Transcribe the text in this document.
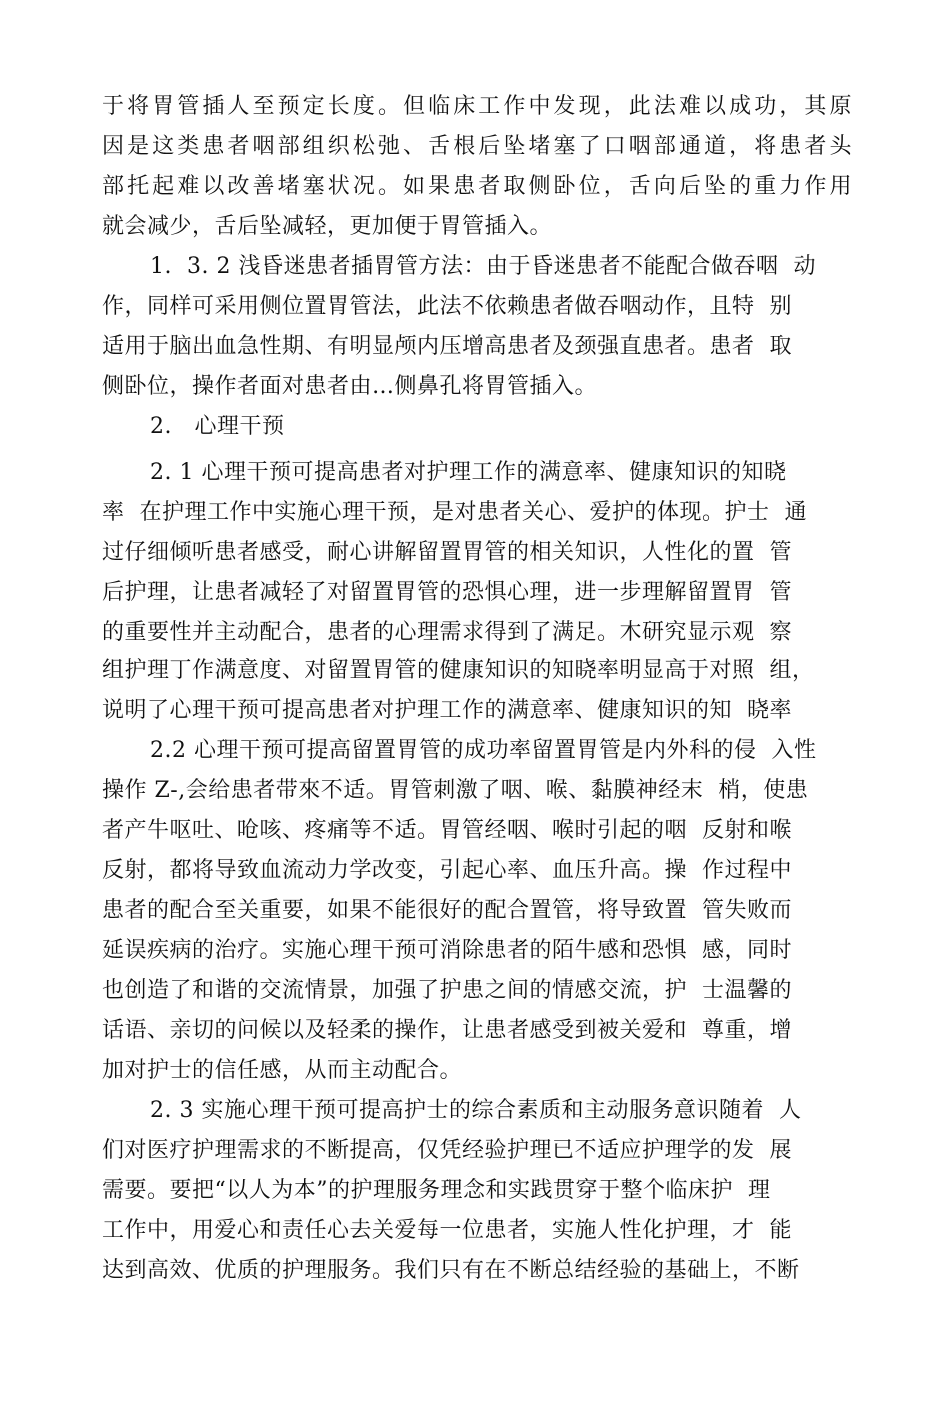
于将胃管插人至预定长度。但临床工作中发现，此法难以成功，其原
因是这类患者咽部组织松弛、舌根后坠堵塞了口咽部通道，将患者头
部托起难以改善堵塞状况。如果患者取侧卧位，舌向后坠的重力作用
就会减少，舌后坠减轻，更加便于胃管插入。
1.  3. 2 浅昏迷患者插胃管方法：由于昏迷患者不能配合做吞咽  动
作，同样可采用侧位置胃管法，此法不依赖患者做吞咽动作，且特  别
适用于脑出血急性期、有明显颅内压增高患者及颈强直患者。患者  取
侧卧位，操作者面对患者由…侧鼻孔将胃管插入。
2.   心理干预
2. 1 心理干预可提高患者对护理工作的满意率、健康知识的知晓
率  在护理工作中实施心理干预，是对患者关心、爱护的体现。护士  通
过仔细倾听患者感受，耐心讲解留置胃管的相关知识，人性化的置  管
后护理，让患者减轻了对留置胃管的恐惧心理，进一步理解留置胃  管
的重要性并主动配合，患者的心理需求得到了满足。木研究显示观  察
组护理丁作满意度、对留置胃管的健康知识的知晓率明显高于对照  组，
说明了心理干预可提高患者对护理工作的满意率、健康知识的知  晓率
2.2 心理干预可提高留置胃管的成功率留置胃管是内外科的侵  入性
操作 Z-,会给患者带來不适。胃管刺激了咽、喉、黏膜神经末  梢，使患
者产牛呕吐、呛咳、疼痛等不适。胃管经咽、喉时引起的咽  反射和喉
反射，都将导致血流动力学改变，引起心率、血压升高。操  作过程中
患者的配合至关重要，如果不能很好的配合置管，将导致置  管失败而
延误疾病的治疗。实施心理干预可消除患者的陌牛感和恐惧  感，同时
也创造了和谐的交流情景，加强了护患之间的情感交流，护  士温馨的
话语、亲切的问候以及轻柔的操作，让患者感受到被关爱和  尊重，增
加对护士的信任感，从而主动配合。
2. 3 实施心理干预可提高护士的综合素质和主动服务意识随着  人
们对医疗护理需求的不断提高，仅凭经验护理已不适应护理学的发  展
需要。要把“以人为本”的护理服务理念和实践贯穿于整个临床护  理
工作中，用爱心和责任心去关爱每一位患者，实施人性化护理，才  能
达到高效、优质的护理服务。我们只有在不断总结经验的基础上，不断
